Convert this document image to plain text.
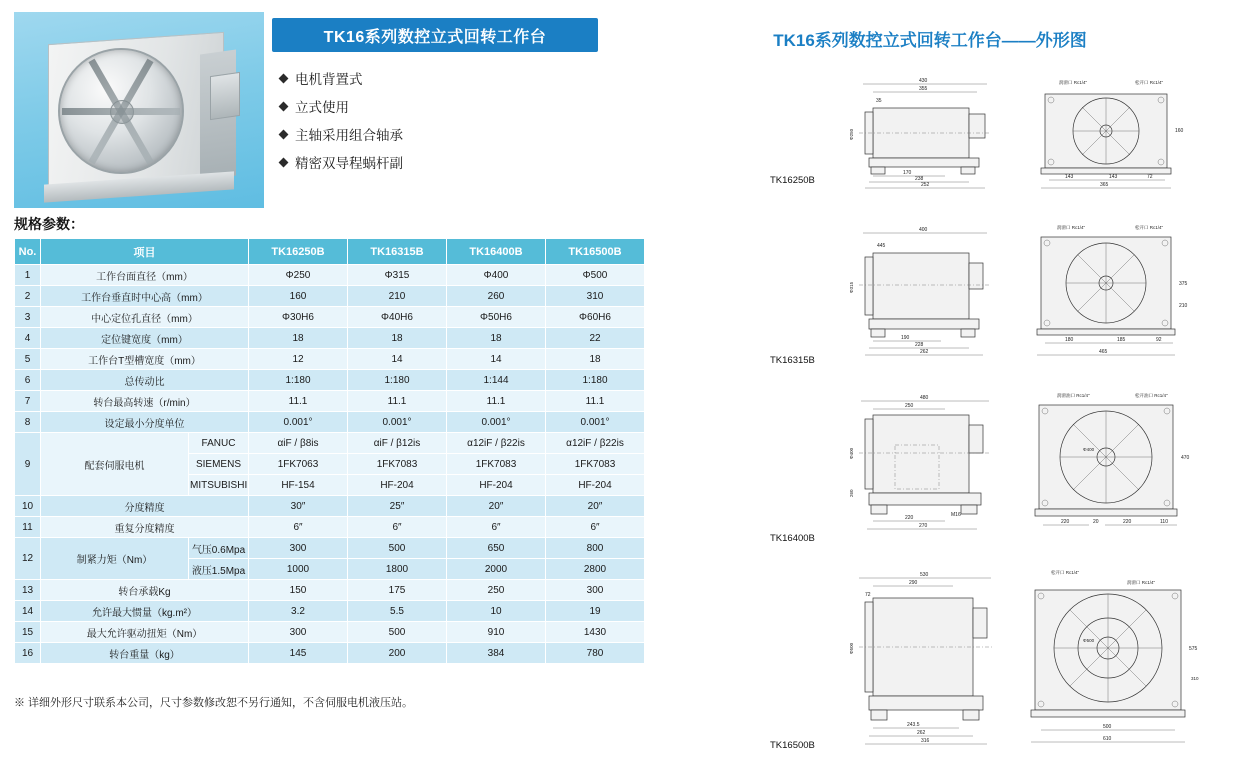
TK16系列数控立式回转工作台
电机背置式
立式使用
主轴采用组合轴承
精密双导程蜗杆副
规格参数：
No.	项目		TK16250B	TK16315B	TK16400B	TK16500B
1	工作台面直径（mm）		Φ250	Φ315	Φ400	Φ500
2	工作台垂直时中心高（mm）		160	210	260	310
3	中心定位孔直径（mm）		Φ30H6	Φ40H6	Φ50H6	Φ60H6
4	定位键宽度（mm）		18	18	18	22
5	工作台T型槽宽度（mm）		12	14	14	18
6	总传动比		1:180	1:180	1:144	1:180
7	转台最高转速（r/min）		11.1	11.1	11.1	11.1
8	设定最小分度单位		0.001°	0.001°	0.001°	0.001°
9	配套伺服电机	FANUC	αiF / β8is	αiF / β12is	α12iF / β22is	α12iF / β22is
		SIEMENS	1FK7063	1FK7083	1FK7083	1FK7083
		MITSUBISHI	HF-154	HF-204	HF-204	HF-204
10	分度精度		30″	25″	20″	20″
11	重复分度精度		6″	6″	6″	6″
12	制紧力矩（Nm）	气压0.6Mpa	300	500	650	800
		液压1.5Mpa	1000	1800	2000	2800
13	转台承载Kg		150	175	250	300
14	允许最大惯量（kg.m²）		3.2	5.5	10	19
15	最大允许驱动扭矩（Nm）		300	500	910	1430
16	转台重量（kg）		145	200	384	780
※ 详细外形尺寸联系本公司，尺寸参数修改恕不另行通知，不含伺服电机液压站。
TK16系列数控立式回转工作台——外形图
TK16250B
430
355
35
Φ250
170
238
252
润滑口 Rc1/4"	松开口 Rc1/4"
160
143	143	72
365
TK16315B
400
445
Φ315
190
228
262
润滑口 Rc1/4"	松开口 Rc1/4"
375
210
180	185	92
465
TK16400B
480
250
Φ400
260
220
270
M16
润滑油口 Rc1/4"	松开油口 Rc1/4"
470
Φ400
220	20	220	110
TK16500B
530
290
72
Φ500
243.5
262
316
松开口 Rc1/4"
润滑口 Rc1/4"
575
310
Φ500
500
610
